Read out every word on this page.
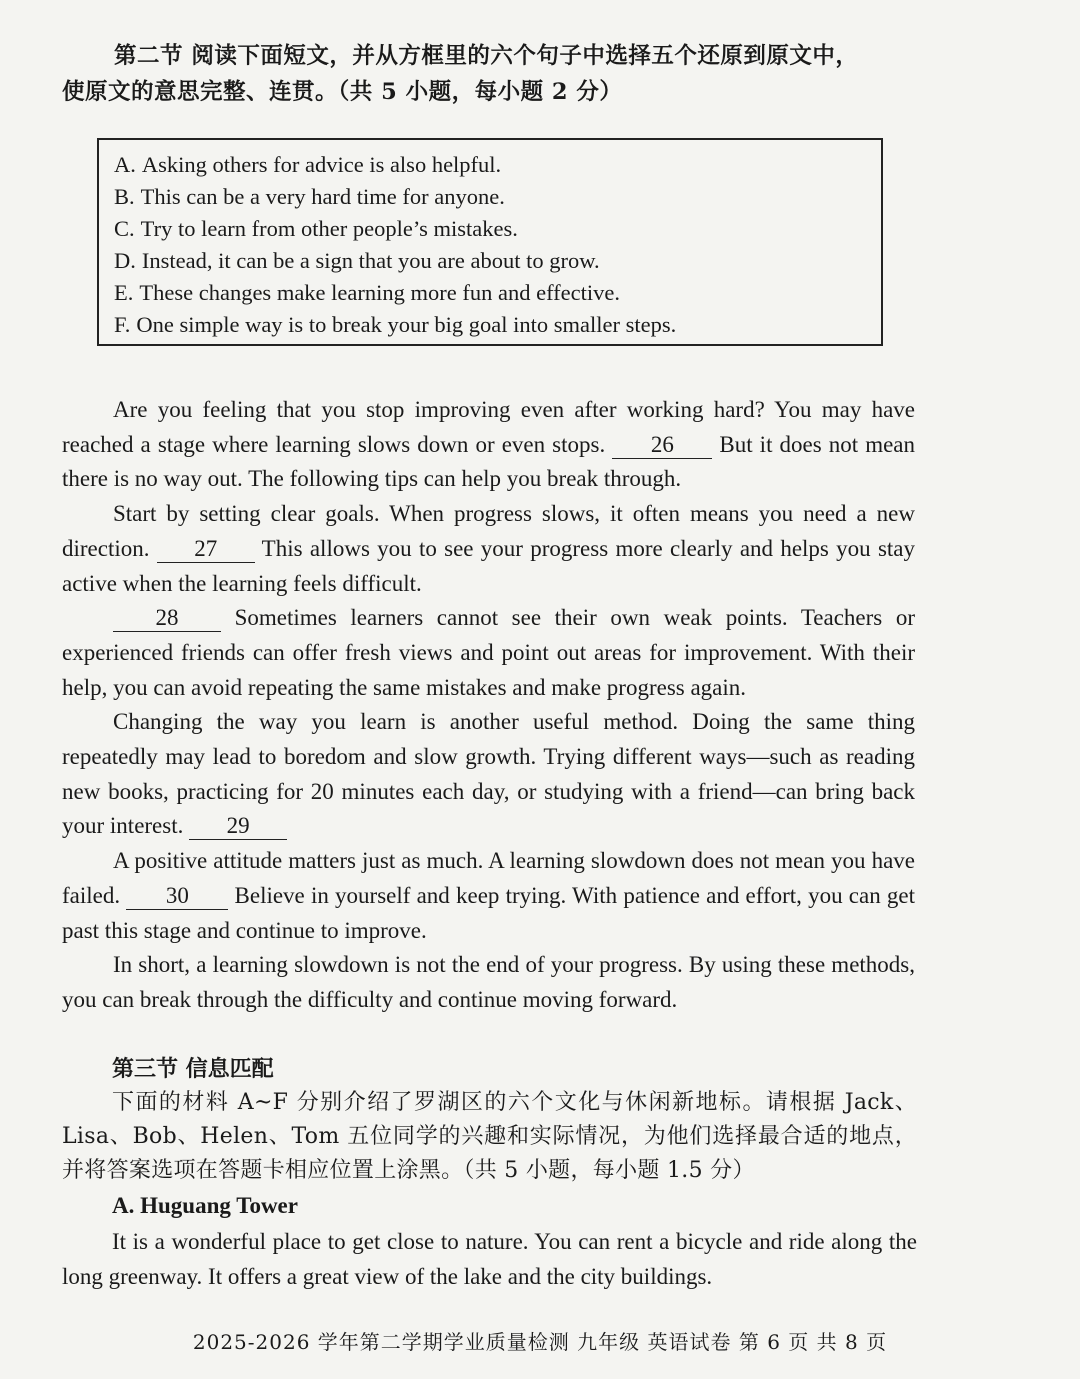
第二节 阅读下面短文，并从方框里的六个句子中选择五个还原到原文中，
使原文的意思完整、连贯。（共 5 小题，每小题 2 分）
A. Asking others for advice is also helpful.
B. This can be a very hard time for anyone.
C. Try to learn from other people’s mistakes.
D. Instead, it can be a sign that you are about to grow.
E. These changes make learning more fun and effective.
F. One simple way is to break your big goal into smaller steps.

Are you feeling that you stop improving even after working hard? You may have reached a stage where learning slows down or even stops. 26 But it does not mean there is no way out. The following tips can help you break through.

Start by setting clear goals. When progress slows, it often means you need a new direction. 27 This allows you to see your progress more clearly and helps you stay active when the learning feels difficult.

28 Sometimes learners cannot see their own weak points. Teachers or experienced friends can offer fresh views and point out areas for improvement. With their help, you can avoid repeating the same mistakes and make progress again.

Changing the way you learn is another useful method. Doing the same thing repeatedly may lead to boredom and slow growth. Trying different ways—such as reading new books, practicing for 20 minutes each day, or studying with a friend—can bring back your interest. 29

A positive attitude matters just as much. A learning slowdown does not mean you have failed. 30 Believe in yourself and keep trying. With patience and effort, you can get past this stage and continue to improve.

In short, a learning slowdown is not the end of your progress. By using these methods, you can break through the difficulty and continue moving forward.

第三节 信息匹配

下面的材料 A~F 分别介绍了罗湖区的六个文化与休闲新地标。请根据 Jack、Lisa、Bob、Helen、Tom 五位同学的兴趣和实际情况，为他们选择最合适的地点，并将答案选项在答题卡相应位置上涂黑。（共 5 小题，每小题 1.5 分）

A. Huguang Tower

It is a wonderful place to get close to nature. You can rent a bicycle and ride along the long greenway. It offers a great view of the lake and the city buildings.

2025-2026 学年第二学期学业质量检测 九年级 英语试卷 第 6 页 共 8 页
